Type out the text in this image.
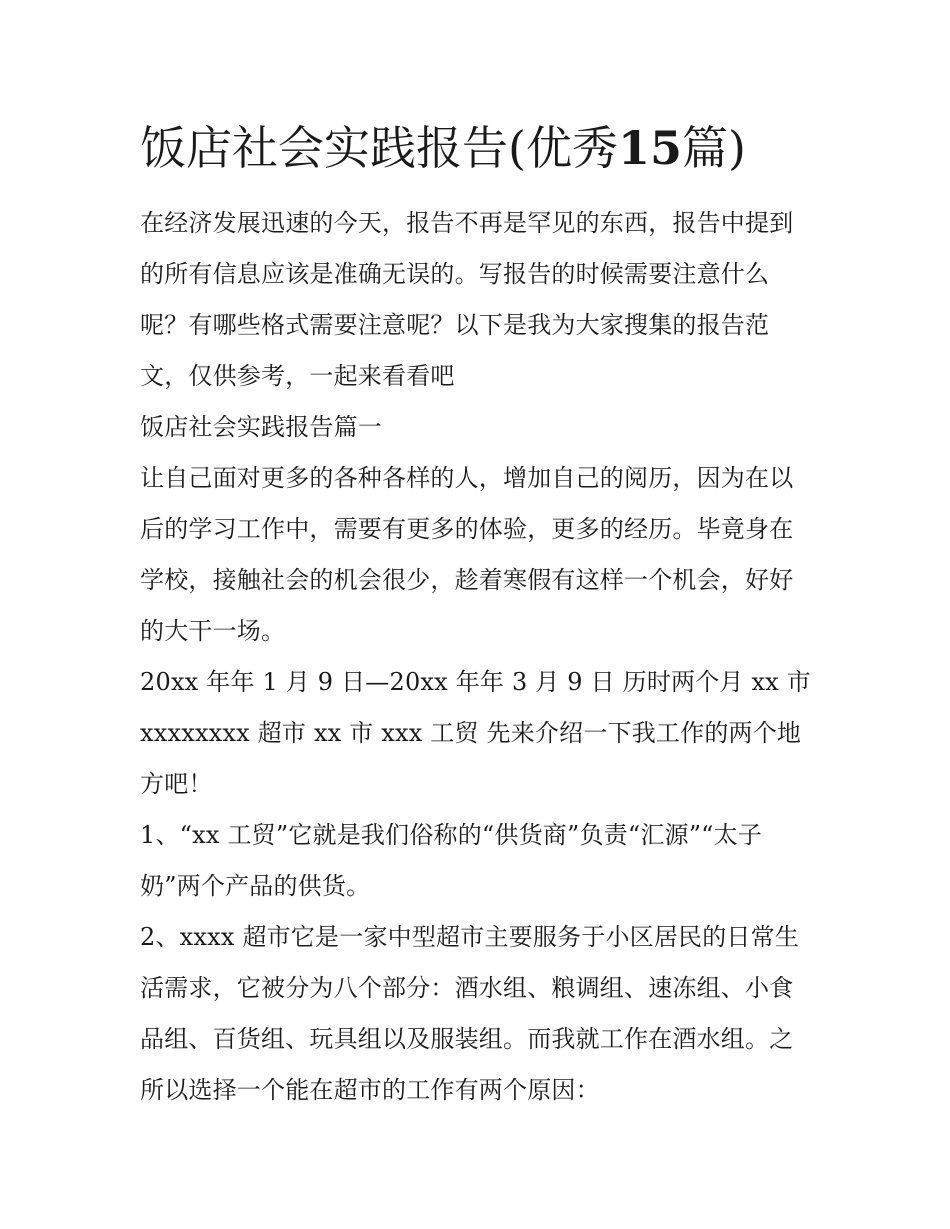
饭店社会实践报告(优秀15篇)

在经济发展迅速的今天，报告不再是罕见的东西，报告中提到的所有信息应该是准确无误的。写报告的时候需要注意什么呢？有哪些格式需要注意呢？以下是我为大家搜集的报告范文，仅供参考，一起来看看吧

饭店社会实践报告篇一

让自己面对更多的各种各样的人，增加自己的阅历，因为在以后的学习工作中，需要有更多的体验，更多的经历。毕竟身在学校，接触社会的机会很少，趁着寒假有这样一个机会，好好的大干一场。

20xx 年年 1 月 9 日—20xx 年年 3 月 9 日 历时两个月 xx 市 xxxxxxxx 超市 xx 市 xxx 工贸 先来介绍一下我工作的两个地方吧！

1、“xx 工贸”它就是我们俗称的“供货商”负责“汇源”“太子奶”两个产品的供货。

2、xxxx 超市它是一家中型超市主要服务于小区居民的日常生活需求，它被分为八个部分：酒水组、粮调组、速冻组、小食品组、百货组、玩具组以及服装组。而我就工作在酒水组。之所以选择一个能在超市的工作有两个原因：
